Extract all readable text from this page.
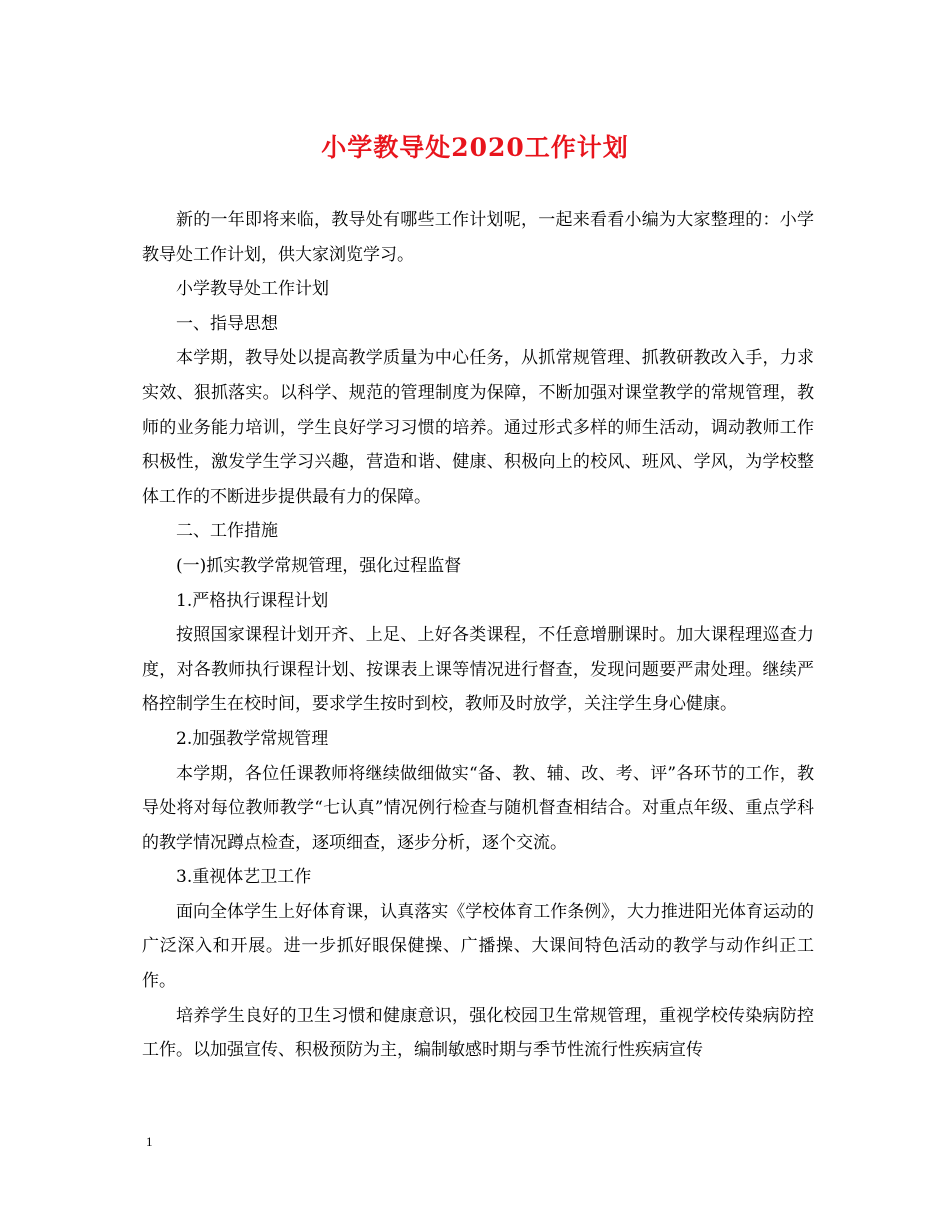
小学教导处2020工作计划

新的一年即将来临，教导处有哪些工作计划呢，一起来看看小编为大家整理的：小学教导处工作计划，供大家浏览学习。

小学教导处工作计划

一、指导思想

本学期，教导处以提高教学质量为中心任务，从抓常规管理、抓教研教改入手，力求实效、狠抓落实。以科学、规范的管理制度为保障，不断加强对课堂教学的常规管理，教师的业务能力培训，学生良好学习习惯的培养。通过形式多样的师生活动，调动教师工作积极性，激发学生学习兴趣，营造和谐、健康、积极向上的校风、班风、学风，为学校整体工作的不断进步提供最有力的保障。

二、工作措施

(一)抓实教学常规管理，强化过程监督

1.严格执行课程计划

按照国家课程计划开齐、上足、上好各类课程，不任意增删课时。加大课程理巡查力度，对各教师执行课程计划、按课表上课等情况进行督查，发现问题要严肃处理。继续严格控制学生在校时间，要求学生按时到校，教师及时放学，关注学生身心健康。

2.加强教学常规管理

本学期，各位任课教师将继续做细做实“备、教、辅、改、考、评”各环节的工作，教导处将对每位教师教学“七认真”情况例行检查与随机督查相结合。对重点年级、重点学科的教学情况蹲点检查，逐项细查，逐步分析，逐个交流。

3.重视体艺卫工作

面向全体学生上好体育课，认真落实《学校体育工作条例》，大力推进阳光体育运动的广泛深入和开展。进一步抓好眼保健操、广播操、大课间特色活动的教学与动作纠正工作。

培养学生良好的卫生习惯和健康意识，强化校园卫生常规管理，重视学校传染病防控工作。以加强宣传、积极预防为主，编制敏感时期与季节性流行性疾病宣传

1
